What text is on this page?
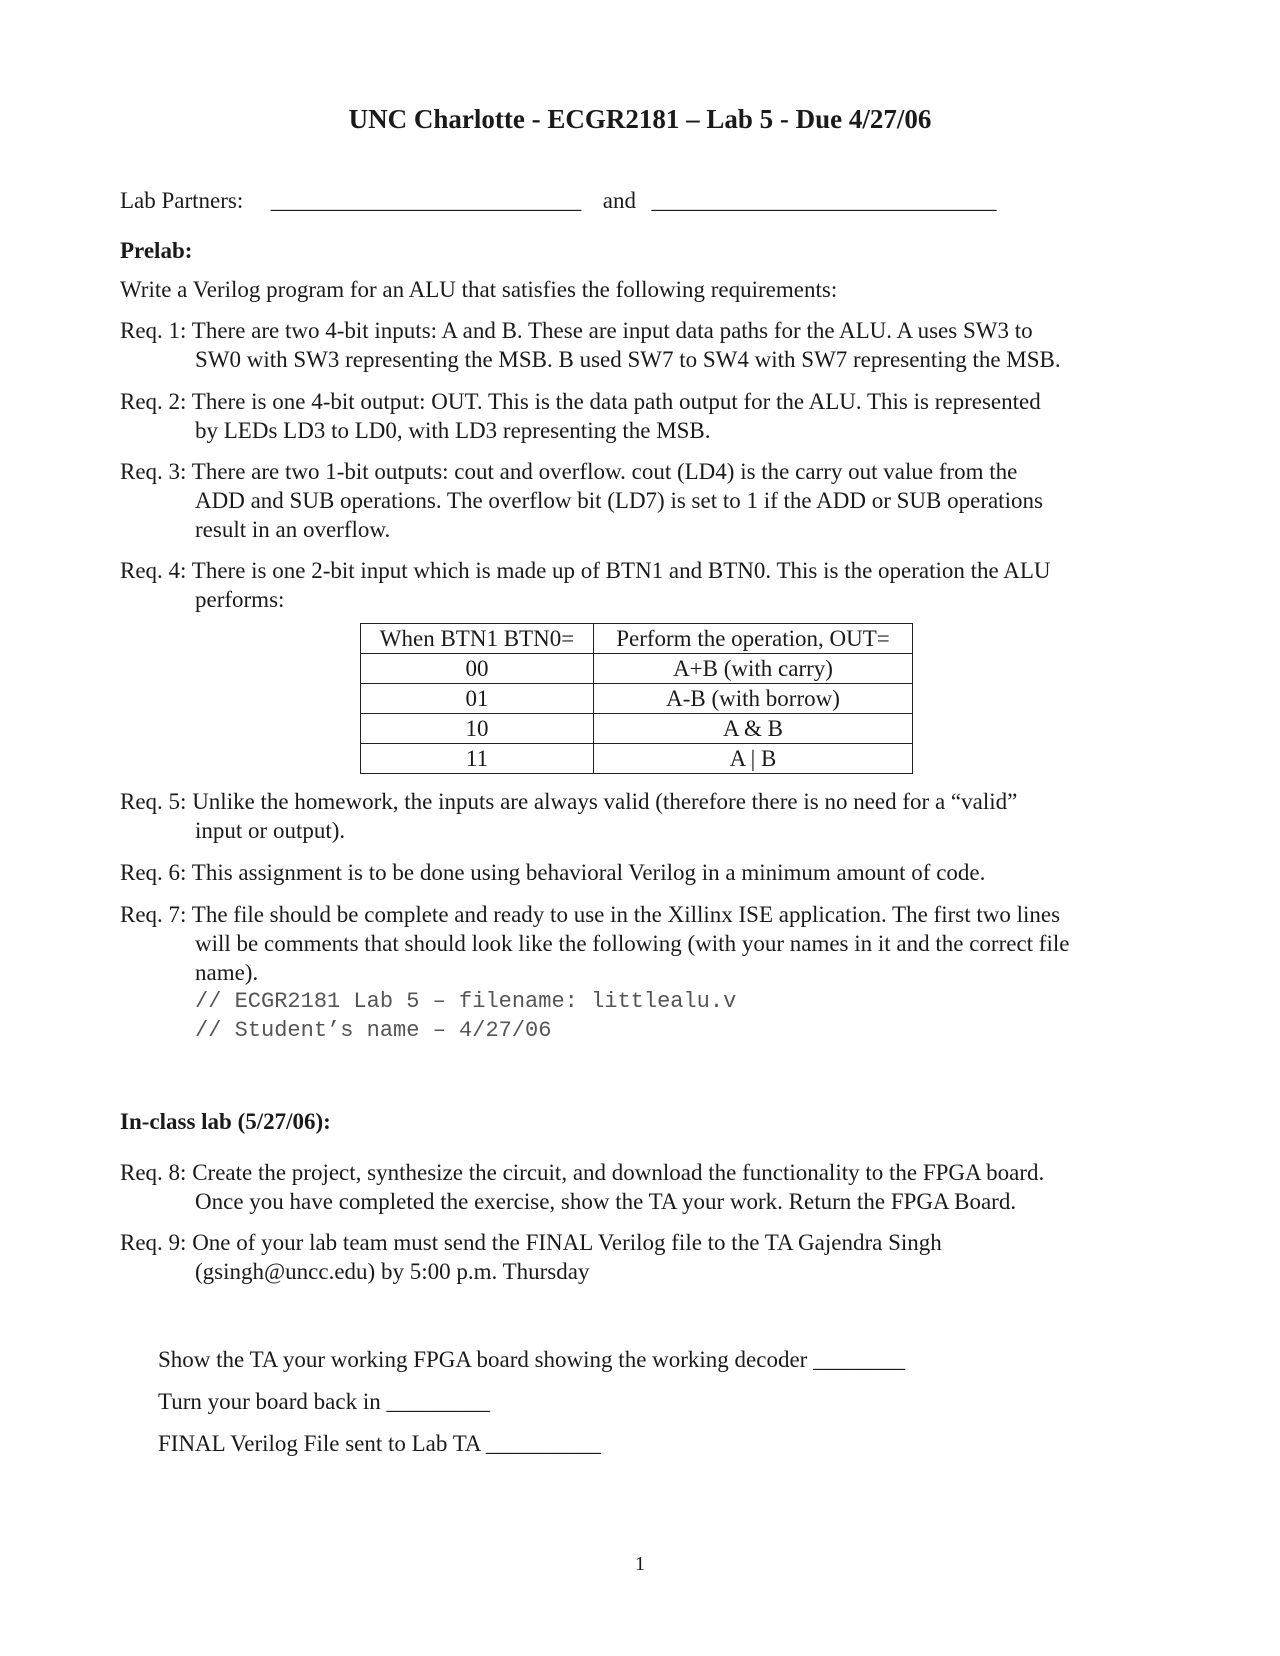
UNC Charlotte - ECGR2181 – Lab 5 - Due 4/27/06
Lab Partners: ___________________________ and ______________________________
Prelab:
Write a Verilog program for an ALU that satisfies the following requirements:
Req. 1: There are two 4-bit inputs: A and B. These are input data paths for the ALU. A uses SW3 to
SW0 with SW3 representing the MSB. B used SW7 to SW4 with SW7 representing the MSB.
Req. 2: There is one 4-bit output: OUT. This is the data path output for the ALU. This is represented
by LEDs LD3 to LD0, with LD3 representing the MSB.
Req. 3: There are two 1-bit outputs: cout and overflow. cout (LD4) is the carry out value from the
ADD and SUB operations. The overflow bit (LD7) is set to 1 if the ADD or SUB operations
result in an overflow.
Req. 4: There is one 2-bit input which is made up of BTN1 and BTN0. This is the operation the ALU
performs:
When BTN1 BTN0=	Perform the operation, OUT=
00	A+B (with carry)
01	A-B (with borrow)
10	A & B
11	A | B
Req. 5: Unlike the homework, the inputs are always valid (therefore there is no need for a “valid”
input or output).
Req. 6: This assignment is to be done using behavioral Verilog in a minimum amount of code.
Req. 7: The file should be complete and ready to use in the Xillinx ISE application. The first two lines
will be comments that should look like the following (with your names in it and the correct file
name).
// ECGR2181 Lab 5 – filename: littlealu.v
// Student’s name – 4/27/06
In-class lab (5/27/06):
Req. 8: Create the project, synthesize the circuit, and download the functionality to the FPGA board.
Once you have completed the exercise, show the TA your work. Return the FPGA Board.
Req. 9: One of your lab team must send the FINAL Verilog file to the TA Gajendra Singh
(gsingh@uncc.edu) by 5:00 p.m. Thursday
Show the TA your working FPGA board showing the working decoder ________
Turn your board back in _________
FINAL Verilog File sent to Lab TA __________
1
